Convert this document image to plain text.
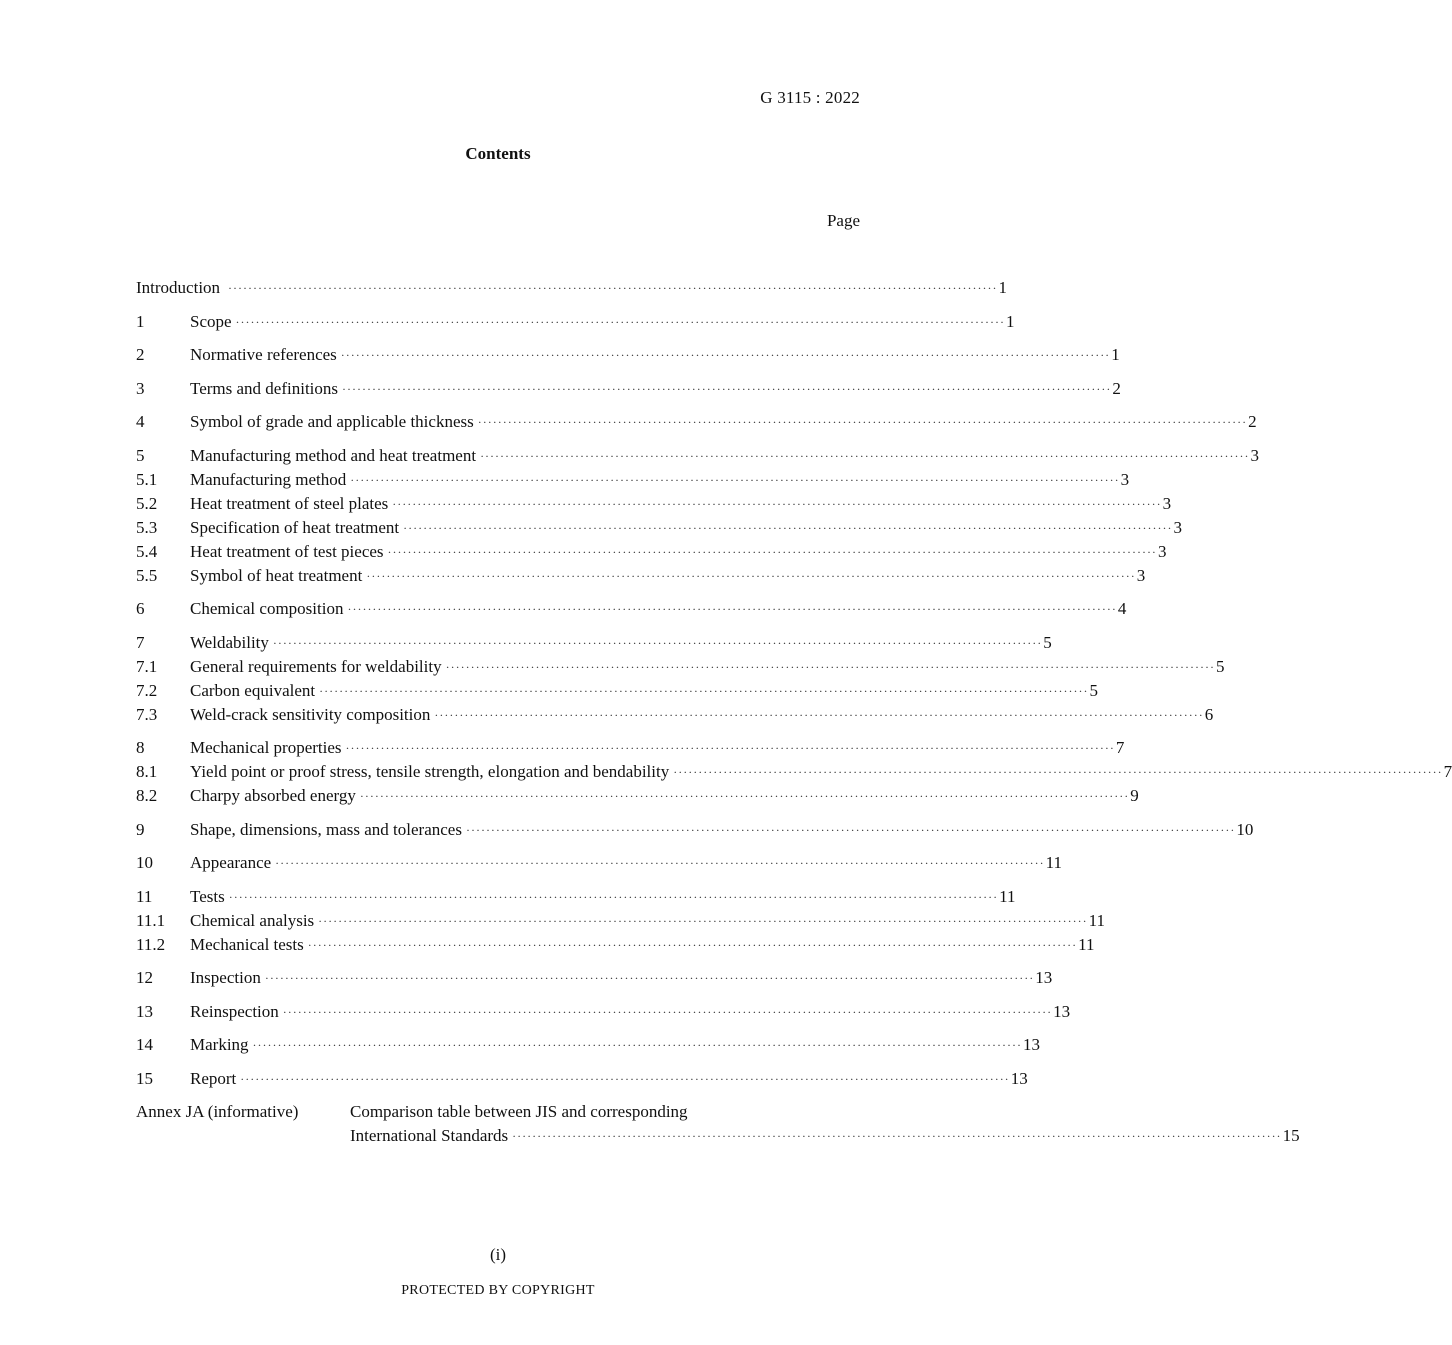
G 3115 : 2022
Contents
Page
Introduction ·····	1
1	Scope ·····	1
2	Normative references ·····	1
3	Terms and definitions ·····	2
4	Symbol of grade and applicable thickness ·····	2
5	Manufacturing method and heat treatment ·····	3
5.1	Manufacturing method ·····	3
5.2	Heat treatment of steel plates ·····	3
5.3	Specification of heat treatment ·····	3
5.4	Heat treatment of test pieces ·····	3
5.5	Symbol of heat treatment ·····	3
6	Chemical composition ·····	4
7	Weldability ·····	5
7.1	General requirements for weldability ·····	5
7.2	Carbon equivalent ·····	5
7.3	Weld-crack sensitivity composition ·····	6
8	Mechanical properties ·····	7
8.1	Yield point or proof stress, tensile strength, elongation and bendability ·····	7
8.2	Charpy absorbed energy ·····	9
9	Shape, dimensions, mass and tolerances ·····	10
10	Appearance ·····	11
11	Tests ·····	11
11.1	Chemical analysis ·····	11
11.2	Mechanical tests ·····	11
12	Inspection ·····	13
13	Reinspection ·····	13
14	Marking ·····	13
15	Report ·····	13
Annex JA (informative)	Comparison table between JIS and corresponding
International Standards ·····	15
(i)
PROTECTED BY COPYRIGHT
